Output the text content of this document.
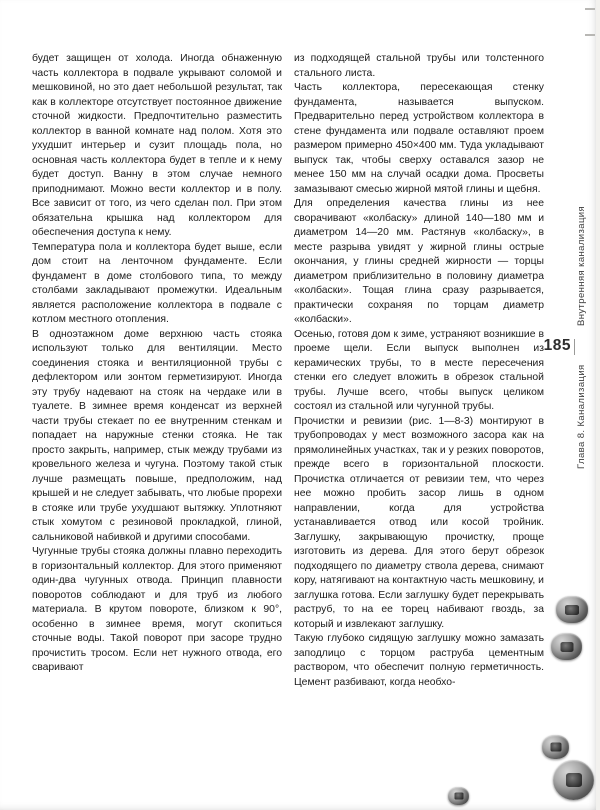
будет защищен от холода. Иногда обнаженную часть коллектора в подвале укрывают соломой и мешковиной, но это дает небольшой результат, так как в коллекторе отсутствует постоянное движение сточной жидкости. Предпочтительно разместить коллектор в ванной комнате над полом. Хотя это ухудшит интерьер и сузит площадь пола, но основная часть коллектора будет в тепле и к нему будет доступ. Ванну в этом случае немного приподнимают. Можно вести коллектор и в полу. Все зависит от того, из чего сделан пол. При этом обязательна крышка над коллектором для обеспечения доступа к нему.

Температура пола и коллектора будет выше, если дом стоит на ленточном фундаменте. Если фундамент в доме столбового типа, то между столбами закладывают промежутки. Идеальным является расположение коллектора в подвале с котлом местного отопления.

В одноэтажном доме верхнюю часть стояка используют только для вентиляции. Место соединения стояка и вентиляционной трубы с дефлектором или зонтом герметизируют. Иногда эту трубу надевают на стояк на чердаке или в туалете. В зимнее время конденсат из верхней части трубы стекает по ее внутренним стенкам и попадает на наружные стенки стояка. Не так просто закрыть, например, стык между трубами из кровельного железа и чугуна. Поэтому такой стык лучше размещать повыше, предположим, над крышей и не следует забывать, что любые прорехи в стояке или трубе ухудшают вытяжку. Уплотняют стык хомутом с резиновой прокладкой, глиной, сальниковой набивкой и другими способами.

Чугунные трубы стояка должны плавно переходить в горизонтальный коллектор. Для этого применяют один-два чугунных отвода. Принцип плавности поворотов соблюдают и для труб из любого материала. В крутом повороте, близком к 90°, особенно в зимнее время, могут скопиться сточные воды. Такой поворот при засоре трудно прочистить тросом. Если нет нужного отвода, его сваривают

из подходящей стальной трубы или толстенного стального листа.

Часть коллектора, пересекающая стенку фундамента, называется выпуском. Предварительно перед устройством коллектора в стене фундамента или подвале оставляют проем размером примерно 450×400 мм. Туда укладывают выпуск так, чтобы сверху оставался зазор не менее 150 мм на случай осадки дома. Просветы замазывают смесью жирной мятой глины и щебня.

Для определения качества глины из нее сворачивают «колбаску» длиной 140—180 мм и диаметром 14—20 мм. Растянув «колбаску», в месте разрыва увидят у жирной глины острые окончания, у глины средней жирности — торцы диаметром приблизительно в половину диаметра «колбаски». Тощая глина сразу разрывается, практически сохраняя по торцам диаметр «колбаски».

Осенью, готовя дом к зиме, устраняют возникшие в проеме щели. Если выпуск выполнен из керамических трубы, то в месте пересечения стенки его следует вложить в обрезок стальной трубы. Лучше всего, чтобы выпуск целиком состоял из стальной или чугунной трубы.

Прочистки и ревизии (рис. 1—8-3) монтируют в трубопроводах у мест возможного засора как на прямолинейных участках, так и у резких поворотов, прежде всего в горизонтальной плоскости. Прочистка отличается от ревизии тем, что через нее можно пробить засор лишь в одном направлении, когда для устройства устанавливается отвод или косой тройник. Заглушку, закрывающую прочистку, проще изготовить из дерева. Для этого берут обрезок подходящего по диаметру ствола дерева, снимают кору, натягивают на контактную часть мешковину, и заглушка готова. Если заглушку будет перекрывать раструб, то на ее торец набивают гвоздь, за который и извлекают заглушку.

Такую глубоко сидящую заглушку можно замазать заподлицо с торцом раструба цементным раствором, что обеспечит полную герметичность. Цемент разбивают, когда необхо-

Внутренняя канализация
185
Глава 8. Канализация
